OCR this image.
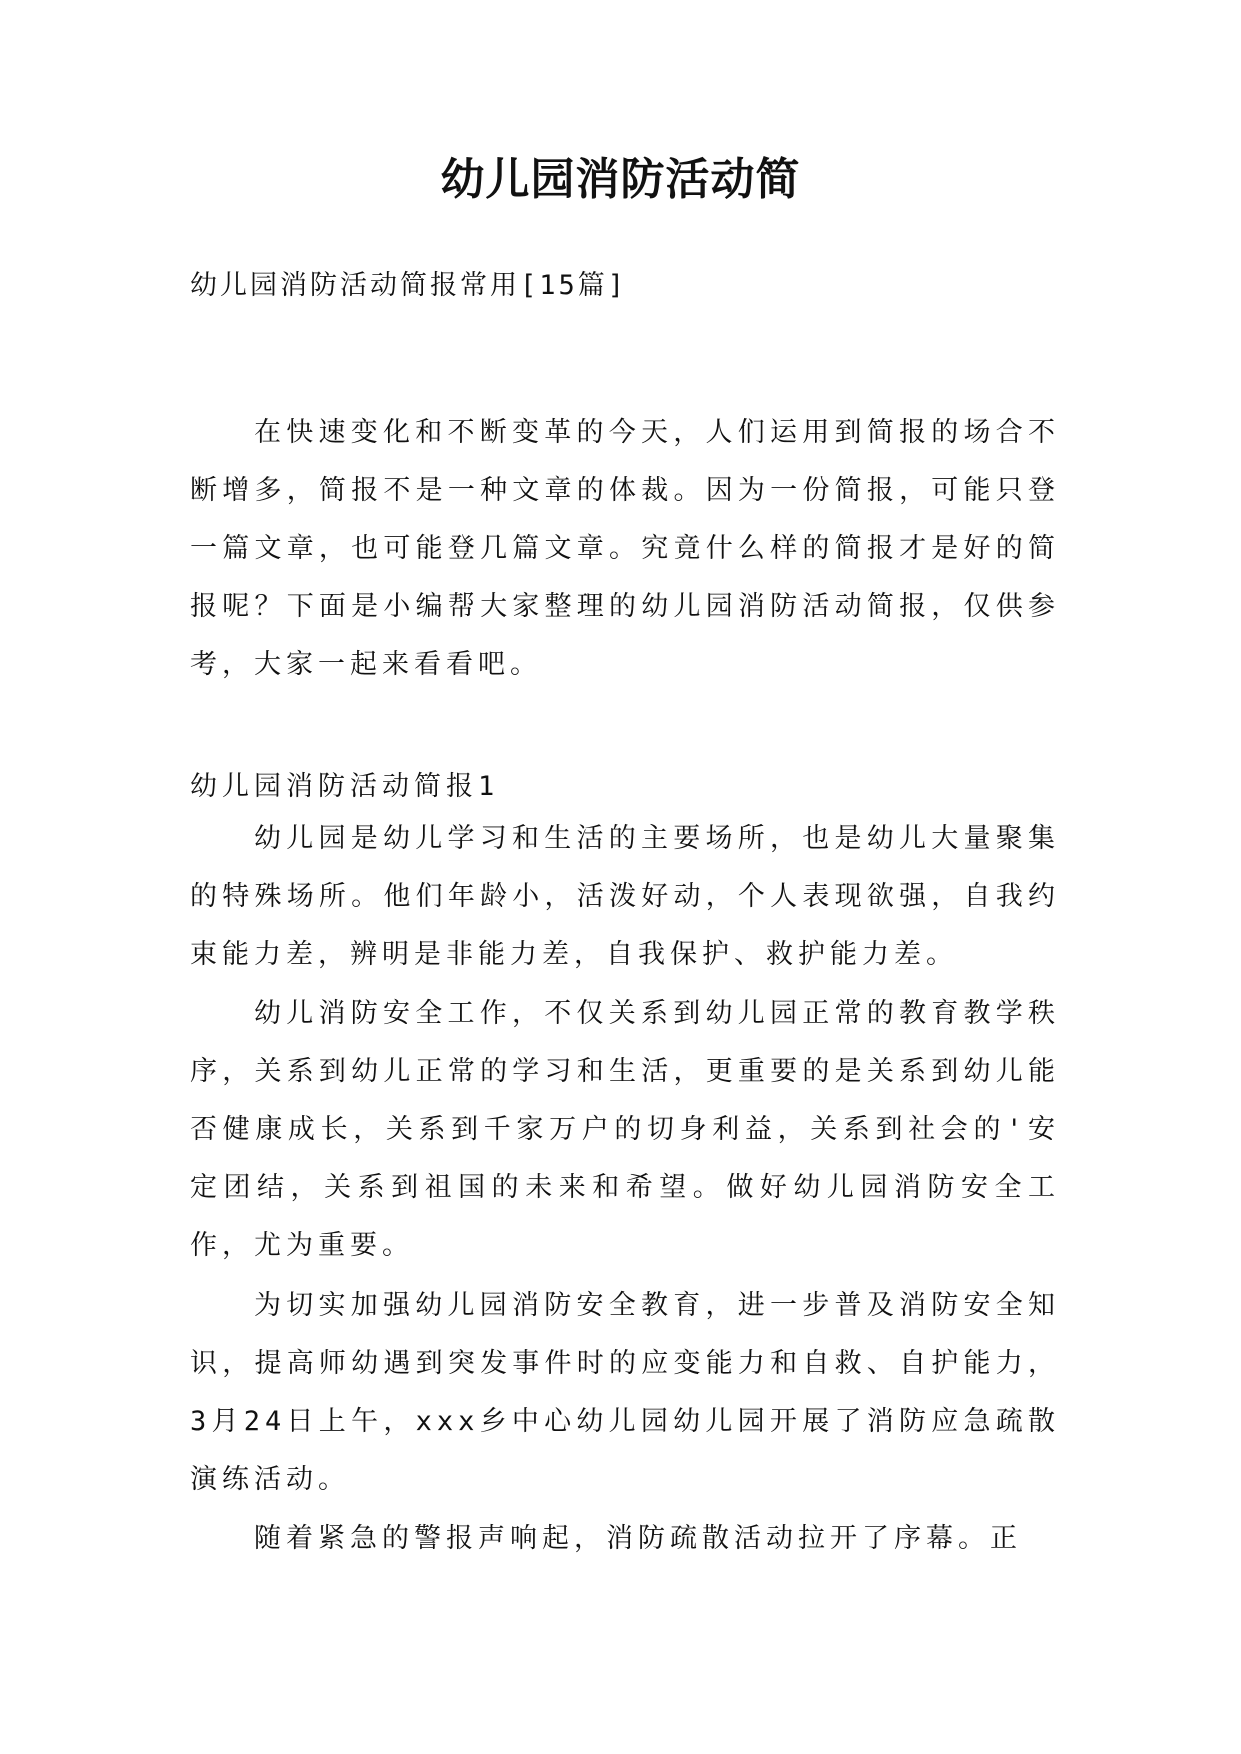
幼儿园消防活动简
幼儿园消防活动简报常用[15篇]

在快速变化和不断变革的今天，人们运用到简报的场合不断增多，简报不是一种文章的体裁。因为一份简报，可能只登一篇文章，也可能登几篇文章。究竟什么样的简报才是好的简报呢？下面是小编帮大家整理的幼儿园消防活动简报，仅供参考，大家一起来看看吧。

幼儿园消防活动简报1

幼儿园是幼儿学习和生活的主要场所，也是幼儿大量聚集的特殊场所。他们年龄小，活泼好动，个人表现欲强，自我约束能力差，辨明是非能力差，自我保护、救护能力差。

幼儿消防安全工作，不仅关系到幼儿园正常的教育教学秩序，关系到幼儿正常的学习和生活，更重要的是关系到幼儿能否健康成长，关系到千家万户的切身利益，关系到社会的'安定团结，关系到祖国的未来和希望。做好幼儿园消防安全工作，尤为重要。

为切实加强幼儿园消防安全教育，进一步普及消防安全知识，提高师幼遇到突发事件时的应变能力和自救、自护能力，3月24日上午，xxx乡中心幼儿园幼儿园开展了消防应急疏散演练活动。

随着紧急的警报声响起，消防疏散活动拉开了序幕。正
